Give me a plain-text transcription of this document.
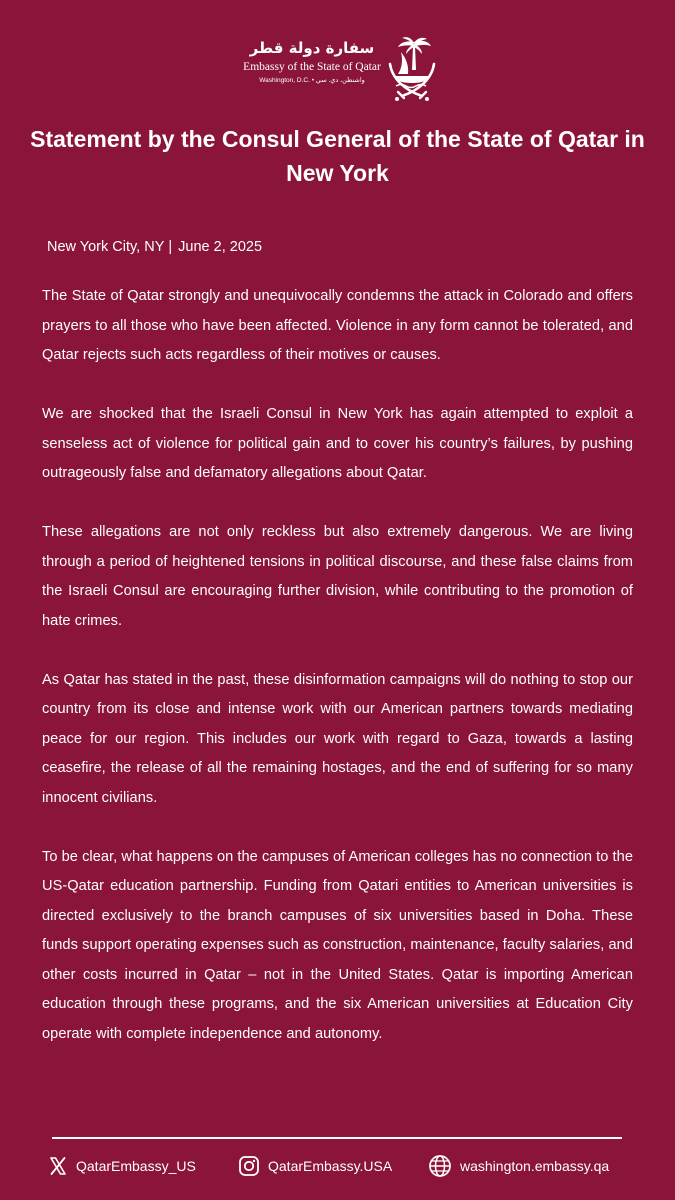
سفارة دولة قطر
Embassy of the State of Qatar
Washington, D.C. • واشنطن، دي. سي
Statement by the Consul General of the State of Qatar in New York
New York City, NY | June 2, 2025

The State of Qatar strongly and unequivocally condemns the attack in Colorado and offers prayers to all those who have been affected. Violence in any form cannot be tolerated, and Qatar rejects such acts regardless of their motives or causes.

We are shocked that the Israeli Consul in New York has again attempted to exploit a senseless act of violence for political gain and to cover his country’s failures, by pushing outrageously false and defamatory allegations about Qatar.

These allegations are not only reckless but also extremely dangerous. We are living through a period of heightened tensions in political discourse, and these false claims from the Israeli Consul are encouraging further division, while contributing to the promotion of hate crimes.

As Qatar has stated in the past, these disinformation campaigns will do nothing to stop our country from its close and intense work with our American partners towards mediating peace for our region. This includes our work with regard to Gaza, towards a lasting ceasefire, the release of all the remaining hostages, and the end of suffering for so many innocent civilians.

To be clear, what happens on the campuses of American colleges has no connection to the US-Qatar education partnership. Funding from Qatari entities to American universities is directed exclusively to the branch campuses of six universities based in Doha. These funds support operating expenses such as construction, maintenance, faculty salaries, and other costs incurred in Qatar – not in the United States. Qatar is importing American education through these programs, and the six American universities at Education City operate with complete independence and autonomy.

QatarEmbassy_US	QatarEmbassy.USA	washington.embassy.qa
